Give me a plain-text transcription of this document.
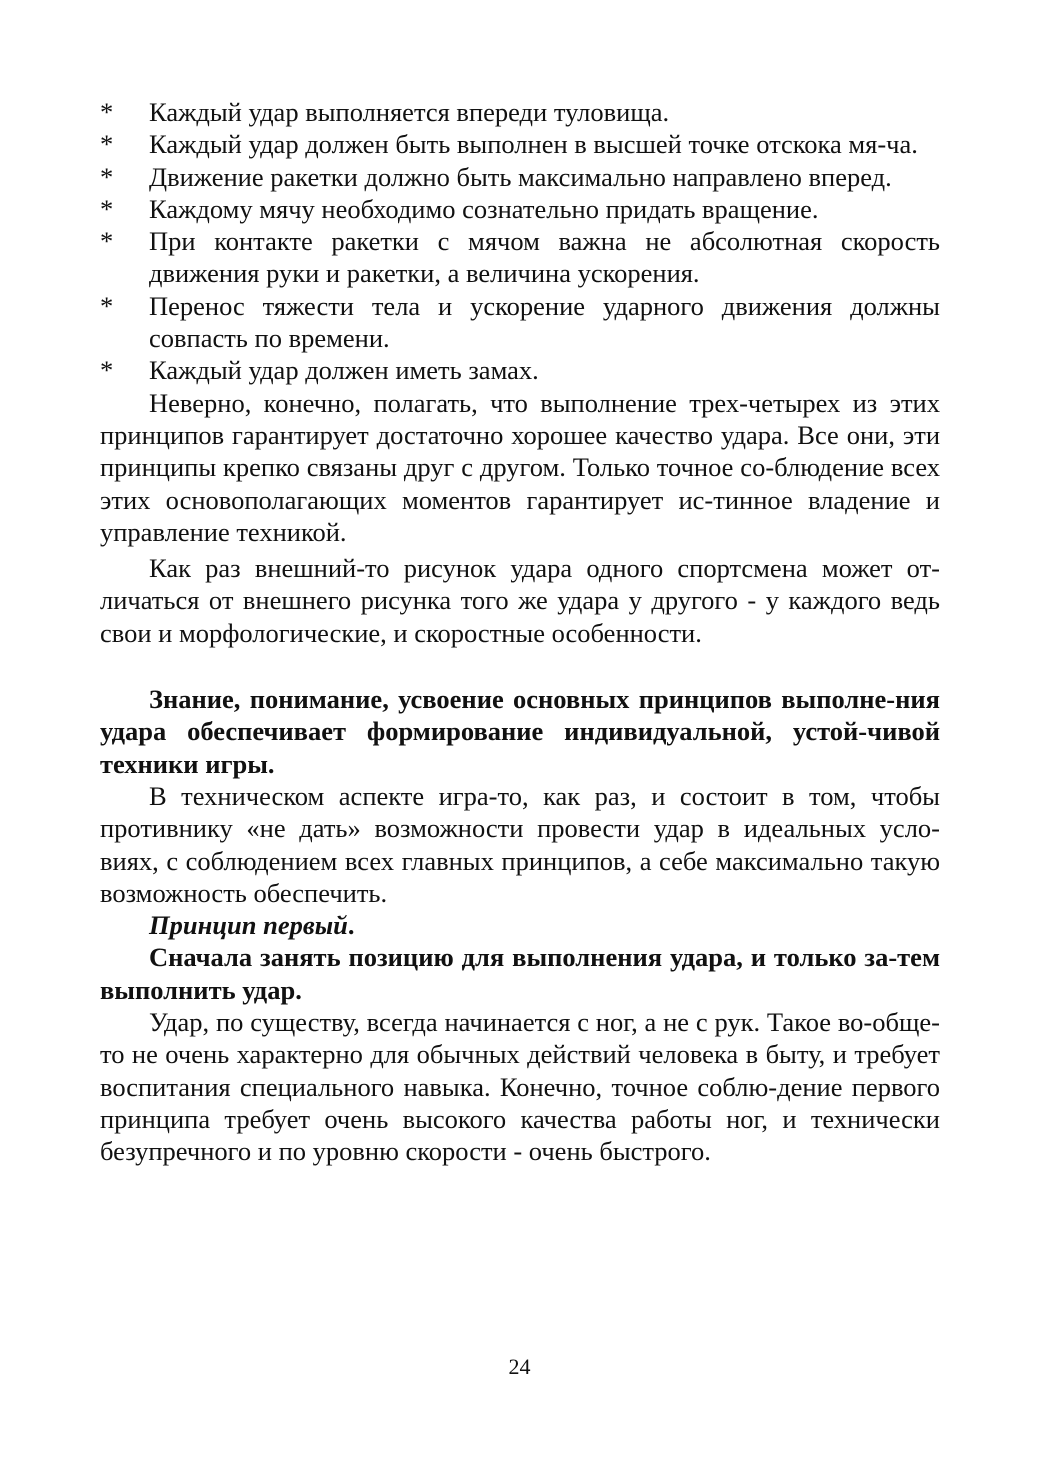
* Каждый удар выполняется впереди туловища.
* Каждый удар должен быть выполнен в высшей точке отскока мя-ча.
* Движение ракетки должно быть максимально направлено вперед.
* Каждому мячу необходимо сознательно придать вращение.
* При контакте ракетки с мячом важна не абсолютная скорость движения руки и ракетки, а величина ускорения.
* Перенос тяжести тела и ускорение ударного движения должны совпасть по времени.
* Каждый удар должен иметь замах.

Неверно, конечно, полагать, что выполнение трех-четырех из этих принципов гарантирует достаточно хорошее качество удара. Все они, эти принципы крепко связаны друг с другом. Только точное со-блюдение всех этих основополагающих моментов гарантирует ис-тинное владение и управление техникой.

Как раз внешний-то рисунок удара одного спортсмена может от-личаться от внешнего рисунка того же удара у другого - у каждого ведь свои и морфологические, и скоростные особенности.

Знание, понимание, усвоение основных принципов выполне-ния удара обеспечивает формирование индивидуальной, устой-чивой техники игры.

В техническом аспекте игра-то, как раз, и состоит в том, чтобы противнику «не дать» возможности провести удар в идеальных усло-виях, с соблюдением всех главных принципов, а себе максимально такую возможность обеспечить.

Принцип первый.

Сначала занять позицию для выполнения удара, и только за-тем выполнить удар.

Удар, по существу, всегда начинается с ног, а не с рук. Такое во-обще-то не очень характерно для обычных действий человека в быту, и требует воспитания специального навыка. Конечно, точное соблю-дение первого принципа требует очень высокого качества работы ног, и технически безупречного и по уровню скорости - очень быстрого.

24
